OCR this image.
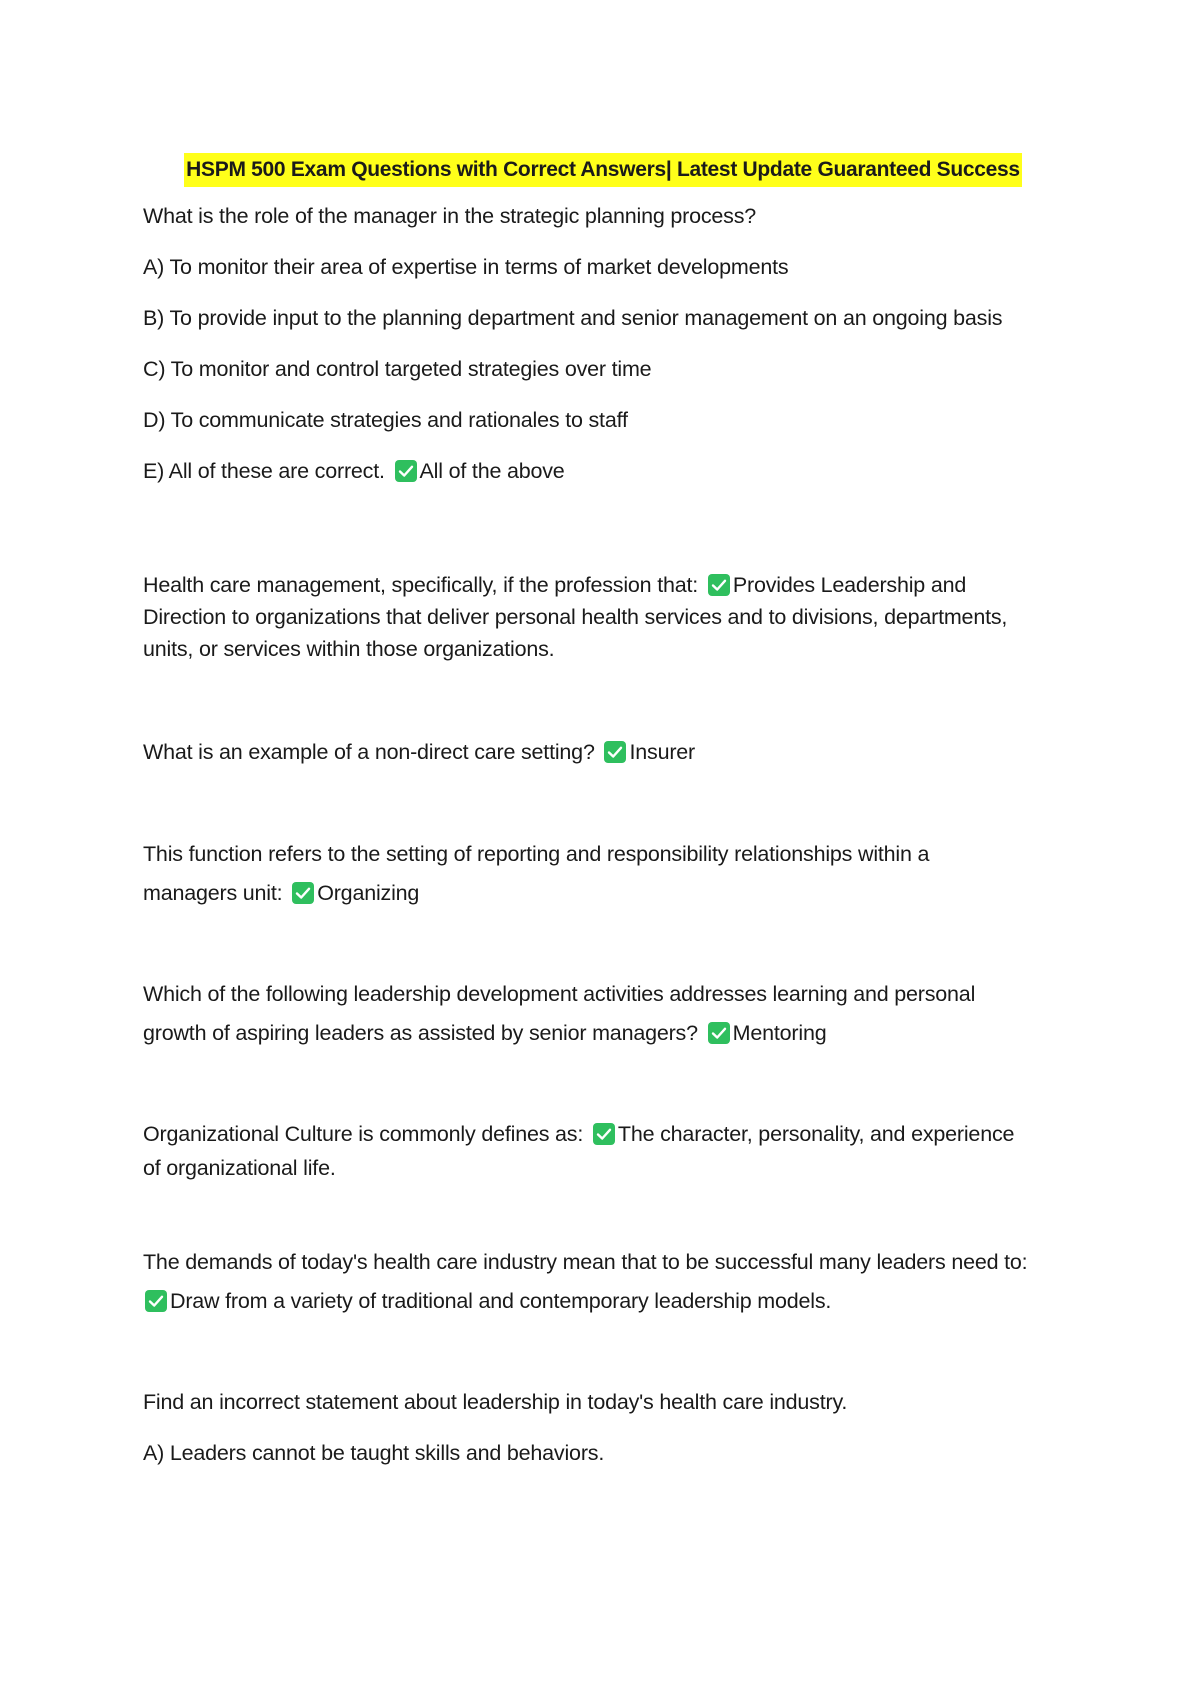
HSPM 500 Exam Questions with Correct Answers| Latest Update Guaranteed Success

What is the role of the manager in the strategic planning process?

A) To monitor their area of expertise in terms of market developments

B) To provide input to the planning department and senior management on an ongoing basis

C) To monitor and control targeted strategies over time

D) To communicate strategies and rationales to staff

E) All of these are correct. All of the above

Health care management, specifically, if the profession that: Provides Leadership and
Direction to organizations that deliver personal health services and to divisions, departments,
units, or services within those organizations.

What is an example of a non-direct care setting? Insurer

This function refers to the setting of reporting and responsibility relationships within a
managers unit: Organizing

Which of the following leadership development activities addresses learning and personal
growth of aspiring leaders as assisted by senior managers? Mentoring

Organizational Culture is commonly defines as: The character, personality, and experience
of organizational life.

The demands of today's health care industry mean that to be successful many leaders need to:

Draw from a variety of traditional and contemporary leadership models.

Find an incorrect statement about leadership in today's health care industry.

A) Leaders cannot be taught skills and behaviors.
